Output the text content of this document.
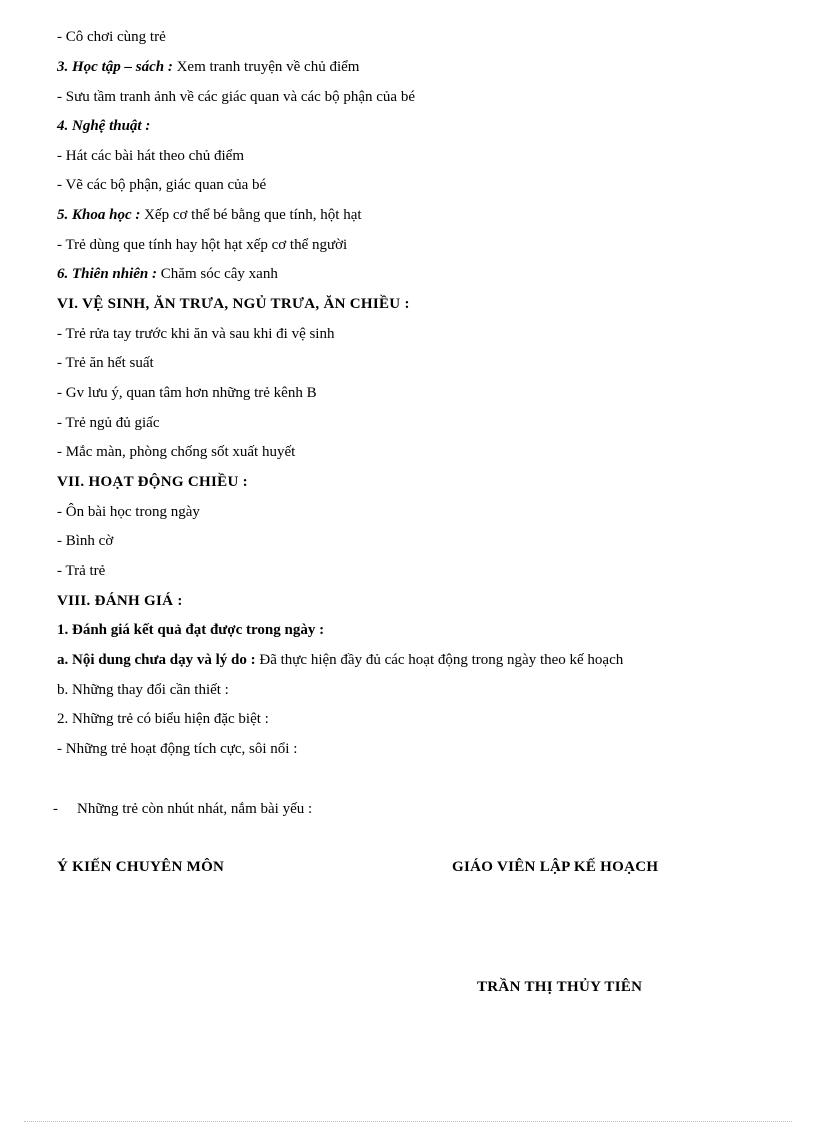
- Cô chơi cùng trẻ
3. Học tập – sách : Xem tranh truyện về chủ điểm
- Sưu tầm tranh ảnh về các giác quan và các bộ phận của bé
4. Nghệ thuật :
- Hát các bài hát theo chủ điểm
- Vẽ các bộ phận, giác quan của bé
5. Khoa học : Xếp cơ thể bé bằng que tính, hột hạt
- Trẻ dùng que tính hay hột hạt xếp cơ thể người
6. Thiên nhiên : Chăm sóc cây xanh
VI. VỆ SINH, ĂN TRƯA, NGỦ TRƯA, ĂN CHIỀU :
- Trẻ rửa tay trước khi ăn và sau khi đi vệ sinh
- Trẻ ăn hết suất
- Gv lưu ý, quan tâm hơn những trẻ kênh B
- Trẻ ngủ đủ giấc
- Mắc màn, phòng chống sốt xuất huyết
VII. HOẠT ĐỘNG CHIỀU :
- Ôn bài học trong ngày
- Bình cờ
- Trả trẻ
VIII. ĐÁNH GIÁ :
1. Đánh giá kết quả đạt được trong ngày :
a. Nội dung chưa dạy và lý do : Đã thực hiện đầy đủ các hoạt động trong ngày theo kế hoạch
b. Những thay đổi cần thiết :
2. Những trẻ có biểu hiện đặc biệt :
- Những trẻ hoạt động tích cực, sôi nổi :
- Những trẻ còn nhút nhát, nắm bài yếu :
Ý KIẾN CHUYÊN MÔN	GIÁO VIÊN LẬP KẾ HOẠCH
TRẦN THỊ THỦY TIÊN
